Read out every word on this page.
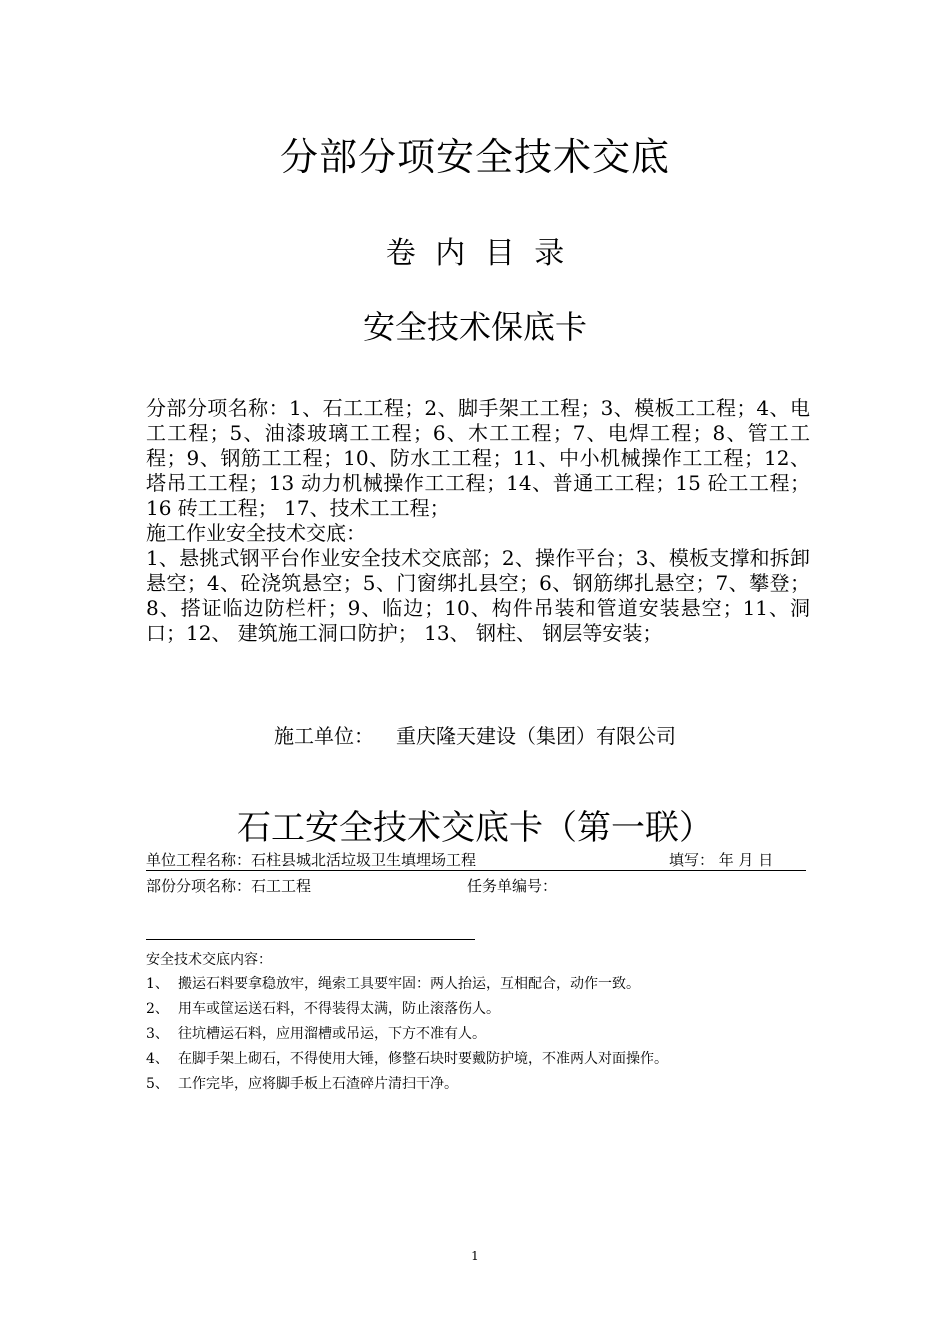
分部分项安全技术交底
卷 内 目 录
安全技术保底卡

分部分项名称：1、石工工程；2、脚手架工工程；3、模板工工程；4、电工工程；5、油漆玻璃工工程；6、木工工程；7、电焊工程；8、管工工程；9、钢筋工工程；10、防水工工程；11、中小机械操作工工程；12、塔吊工工程；13 动力机械操作工工程；14、普通工工程；15 砼工工程；16 砖工工程； 17、技术工工程；

施工作业安全技术交底：

1、悬挑式钢平台作业安全技术交底部；2、操作平台；3、模板支撑和拆卸悬空；4、砼浇筑悬空；5、门窗绑扎县空；6、钢筋绑扎悬空；7、攀登；8、搭证临边防栏杆；9、临边；10、构件吊装和管道安装悬空；11、洞口；12、 建筑施工洞口防护； 13、 钢柱、 钢层等安装；

施工单位： 重庆隆天建设（集团）有限公司
石工安全技术交底卡（第一联）
单位工程名称：石柱县城北活垃圾卫生填埋场工程	填写： 年 月 日
部份分项名称：石工工程	任务单编号：
安全技术交底内容：
1、 搬运石料要拿稳放牢，绳索工具要牢固：两人抬运，互相配合，动作一致。
2、 用车或筐运送石料，不得装得太满，防止滚落伤人。
3、 往坑槽运石料，应用溜槽或吊运，下方不准有人。
4、 在脚手架上砌石，不得使用大锤，修整石块时要戴防护境，不准两人对面操作。
5、 工作完毕，应将脚手板上石渣碎片清扫干净。
1
